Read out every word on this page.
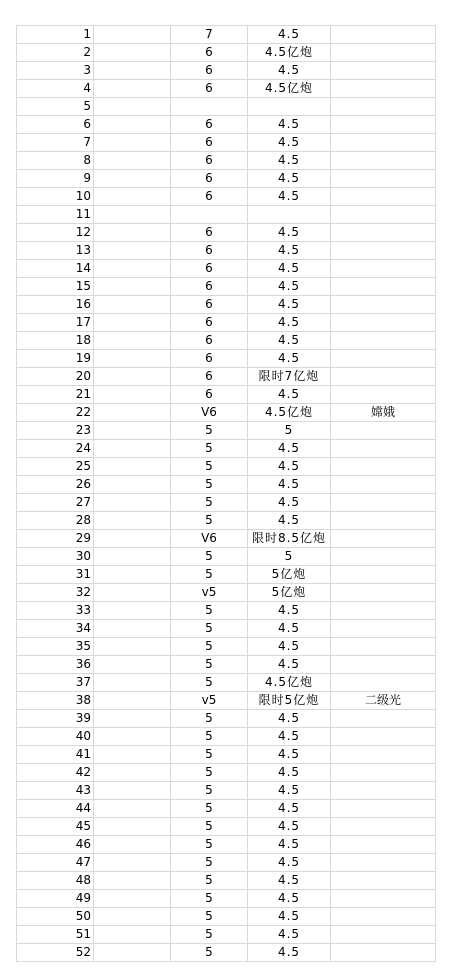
1		7	4.5	
2		6	4.5亿炮	
3		6	4.5	
4		6	4.5亿炮	
5				
6		6	4.5	
7		6	4.5	
8		6	4.5	
9		6	4.5	
10		6	4.5	
11				
12		6	4.5	
13		6	4.5	
14		6	4.5	
15		6	4.5	
16		6	4.5	
17		6	4.5	
18		6	4.5	
19		6	4.5	
20		6	限时7亿炮	
21		6	4.5	
22		V6	4.5亿炮	嫦娥
23		5	5	
24		5	4.5	
25		5	4.5	
26		5	4.5	
27		5	4.5	
28		5	4.5	
29		V6	限时8.5亿炮	
30		5	5	
31		5	5亿炮	
32		v5	5亿炮	
33		5	4.5	
34		5	4.5	
35		5	4.5	
36		5	4.5	
37		5	4.5亿炮	
38		v5	限时5亿炮	二级光
39		5	4.5	
40		5	4.5	
41		5	4.5	
42		5	4.5	
43		5	4.5	
44		5	4.5	
45		5	4.5	
46		5	4.5	
47		5	4.5	
48		5	4.5	
49		5	4.5	
50		5	4.5	
51		5	4.5	
52		5	4.5	
